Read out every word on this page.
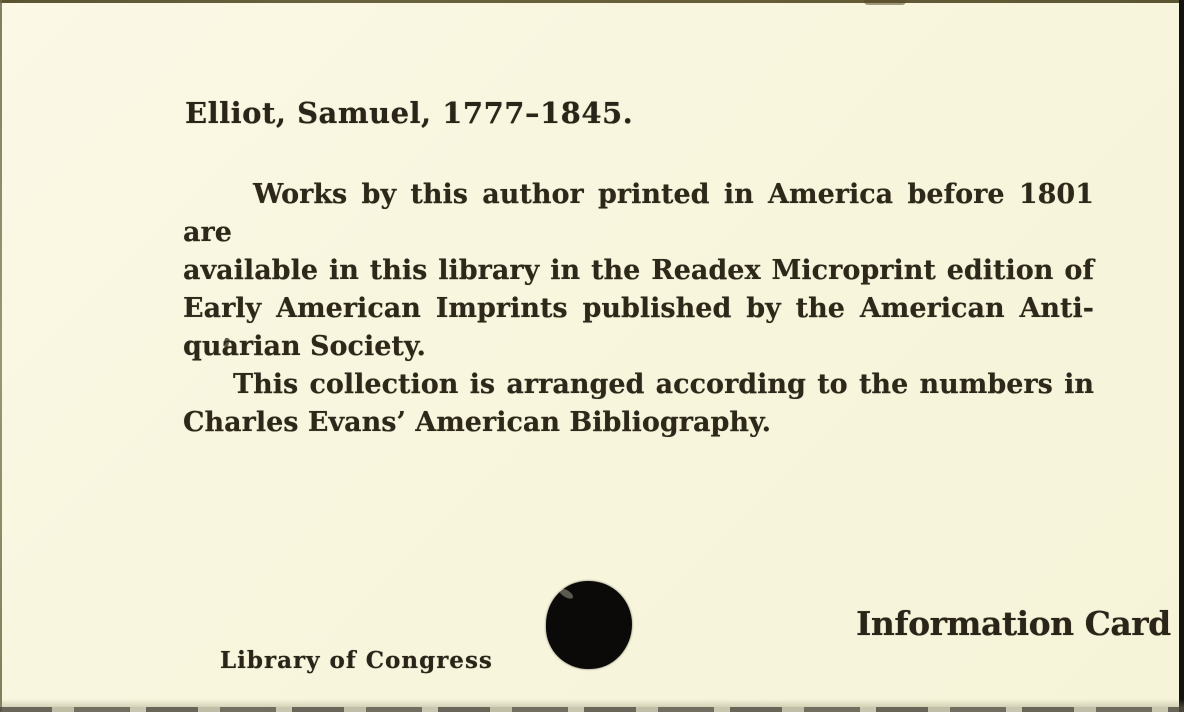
Elliot, Samuel, 1777–1845.
Works by this author printed in America before 1801 are
available in this library in the Readex Microprint edition of
Early American Imprints published by the American Anti-
quarian Society.
This collection is arranged according to the numbers in
Charles Evans’ American Bibliography.
Library of Congress
Information Card
